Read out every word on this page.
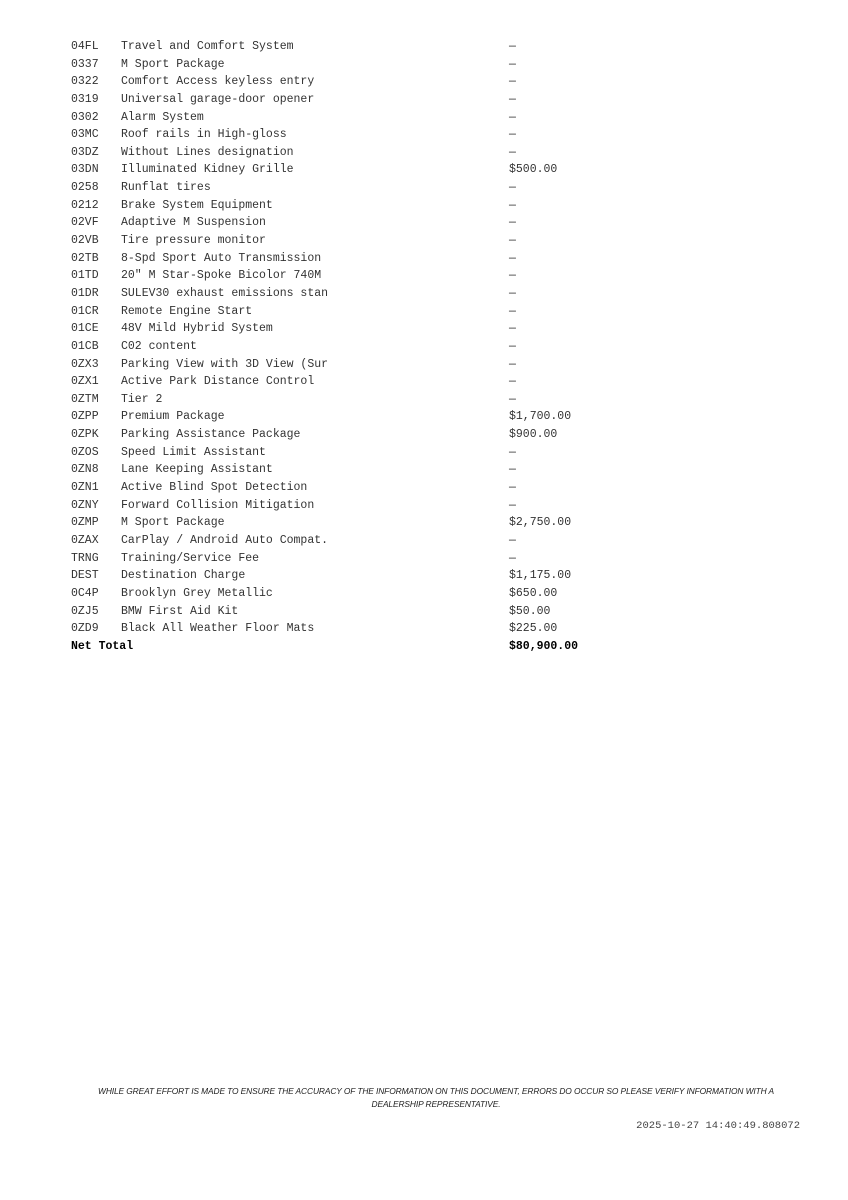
04FL Travel and Comfort System	—
0337 M Sport Package	—
0322 Comfort Access keyless entry	—
0319 Universal garage-door opener	—
0302 Alarm System	—
03MC Roof rails in High-gloss	—
03DZ Without Lines designation	—
03DN Illuminated Kidney Grille	$500.00
0258 Runflat tires	—
0212 Brake System Equipment	—
02VF Adaptive M Suspension	—
02VB Tire pressure monitor	—
02TB 8-Spd Sport Auto Transmission	—
01TD 20" M Star-Spoke Bicolor 740M	—
01DR SULEV30 exhaust emissions stan	—
01CR Remote Engine Start	—
01CE 48V Mild Hybrid System	—
01CB C02 content	—
0ZX3 Parking View with 3D View (Sur	—
0ZX1 Active Park Distance Control	—
0ZTM Tier 2	—
0ZPP Premium Package	$1,700.00
0ZPK Parking Assistance Package	$900.00
0ZOS Speed Limit Assistant	—
0ZN8 Lane Keeping Assistant	—
0ZN1 Active Blind Spot Detection	—
0ZNY Forward Collision Mitigation	—
0ZMP M Sport Package	$2,750.00
0ZAX CarPlay / Android Auto Compat.	—
TRNG Training/Service Fee	—
DEST Destination Charge	$1,175.00
0C4P Brooklyn Grey Metallic	$650.00
0ZJ5 BMW First Aid Kit	$50.00
0ZD9 Black All Weather Floor Mats	$225.00
Net Total	$80,900.00
WHILE GREAT EFFORT IS MADE TO ENSURE THE ACCURACY OF THE INFORMATION ON THIS DOCUMENT, ERRORS DO OCCUR SO PLEASE VERIFY INFORMATION WITH A DEALERSHIP REPRESENTATIVE.
2025-10-27 14:40:49.808072
